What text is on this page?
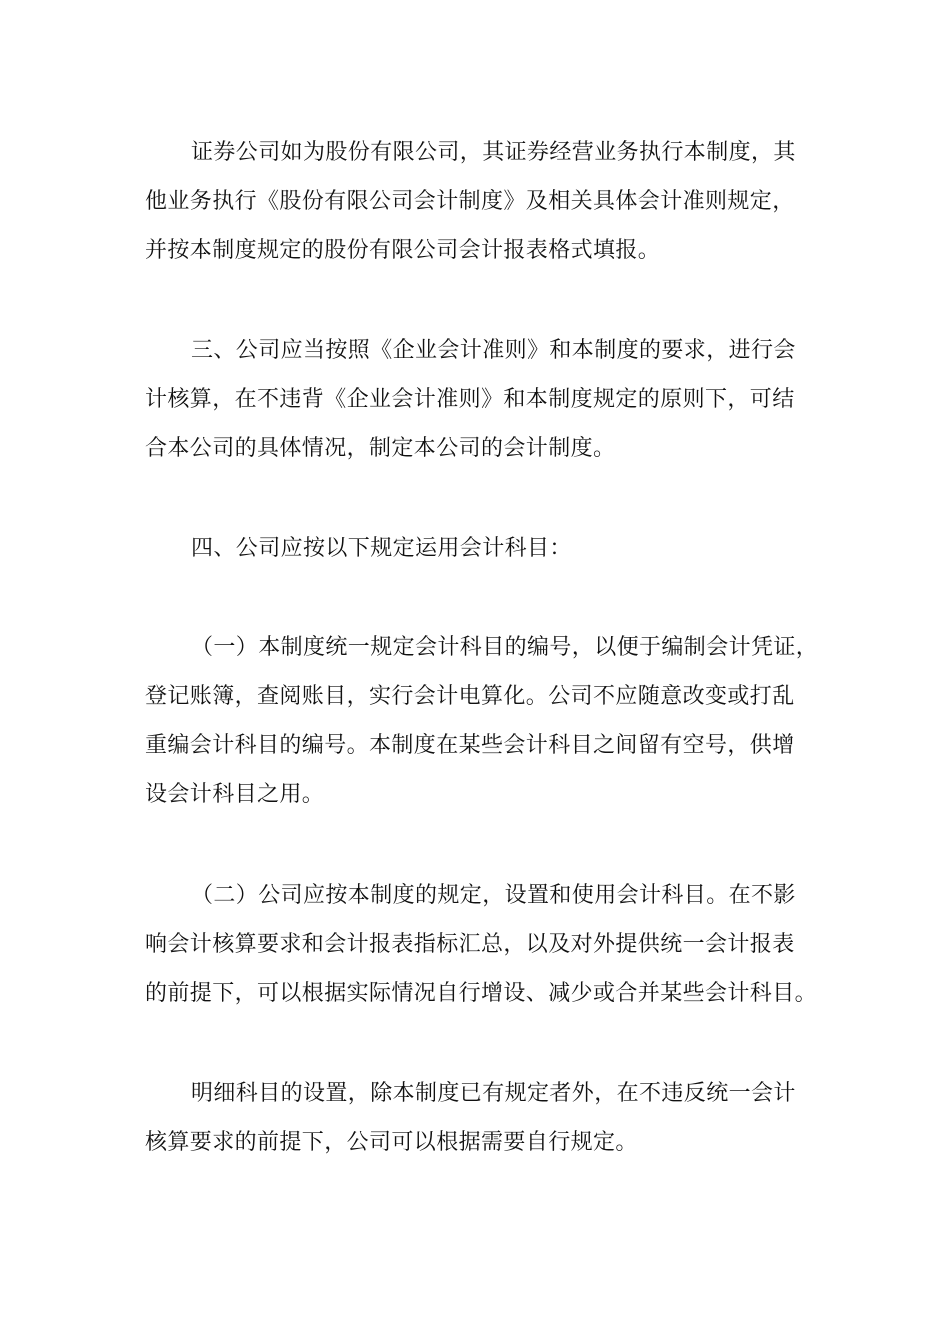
证券公司如为股份有限公司，其证券经营业务执行本制度，其
他业务执行《股份有限公司会计制度》及相关具体会计准则规定，
并按本制度规定的股份有限公司会计报表格式填报。
三、公司应当按照《企业会计准则》和本制度的要求，进行会
计核算，在不违背《企业会计准则》和本制度规定的原则下，可结
合本公司的具体情况，制定本公司的会计制度。
四、公司应按以下规定运用会计科目：
（一）本制度统一规定会计科目的编号，以便于编制会计凭证，
登记账簿，查阅账目，实行会计电算化。公司不应随意改变或打乱
重编会计科目的编号。本制度在某些会计科目之间留有空号，供增
设会计科目之用。
（二）公司应按本制度的规定，设置和使用会计科目。在不影
响会计核算要求和会计报表指标汇总，以及对外提供统一会计报表
的前提下，可以根据实际情况自行增设、减少或合并某些会计科目。
明细科目的设置，除本制度已有规定者外，在不违反统一会计
核算要求的前提下，公司可以根据需要自行规定。
